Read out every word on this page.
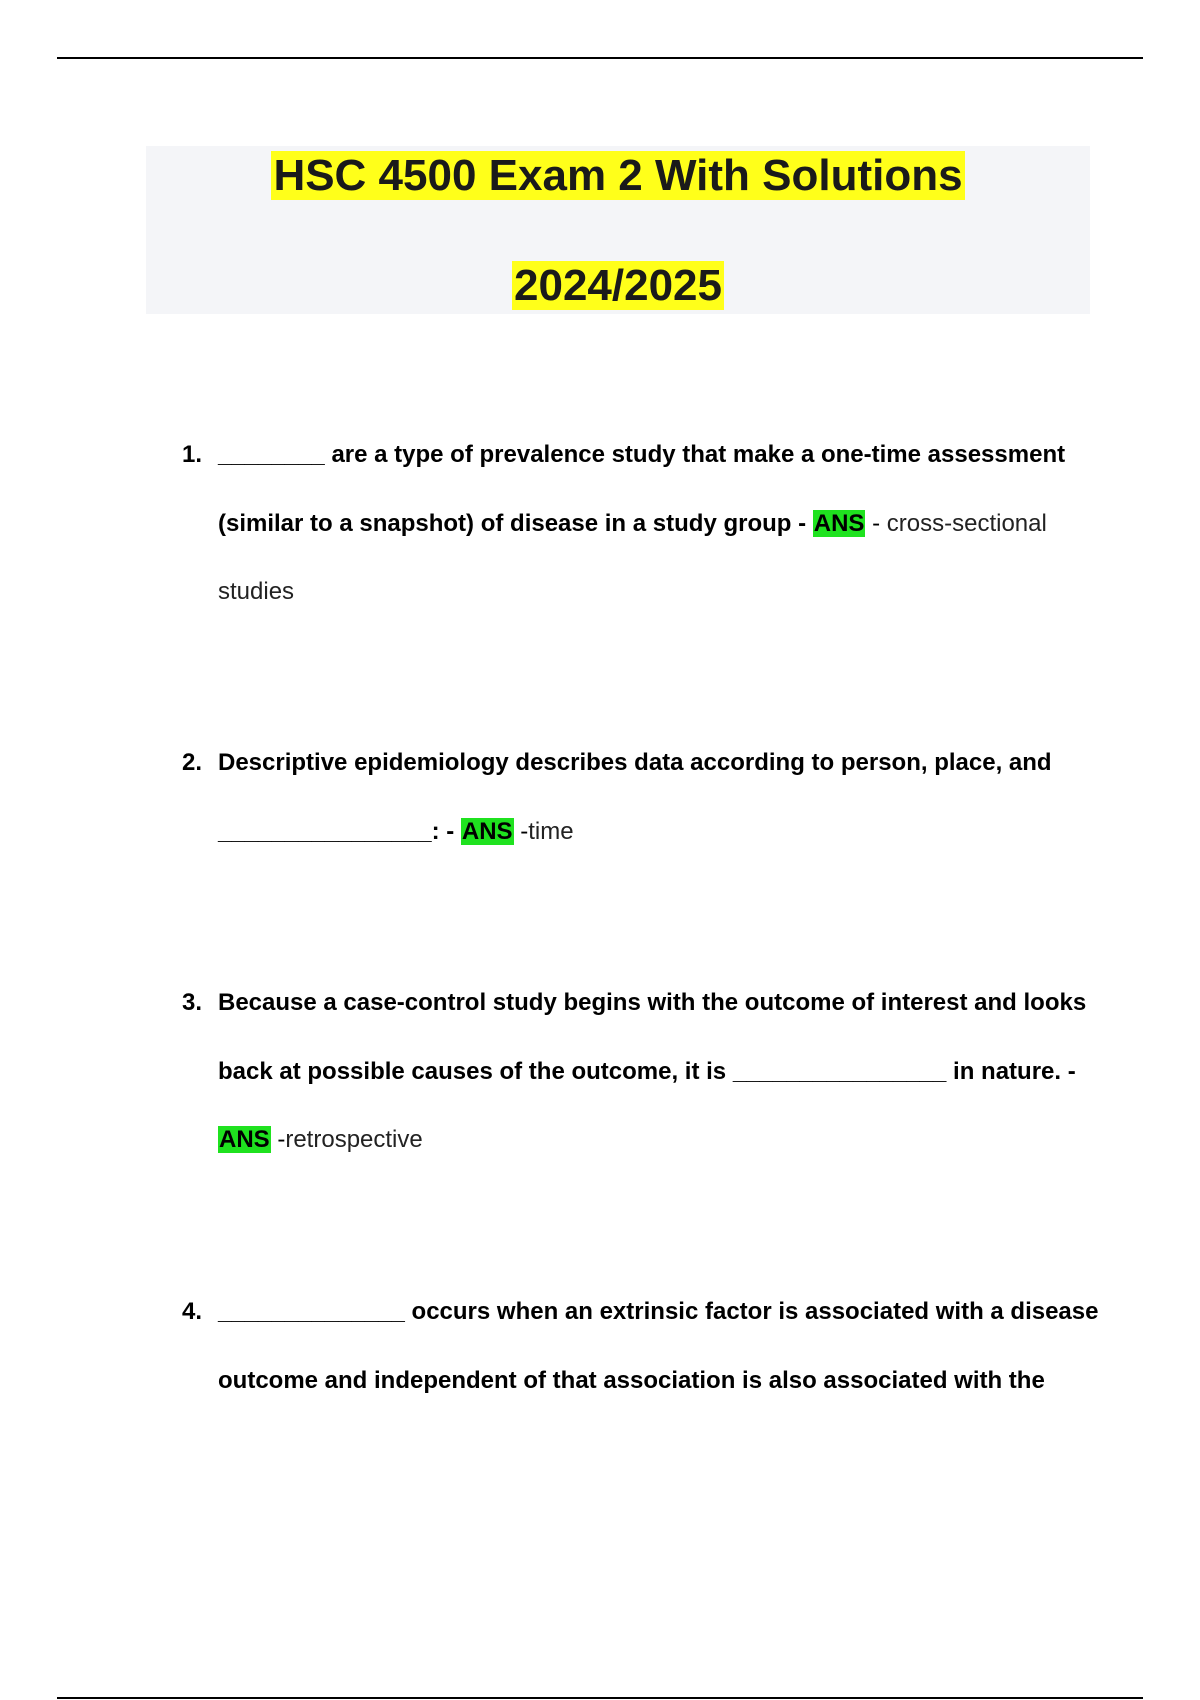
HSC 4500 Exam 2 With Solutions
2024/2025
1. ________ are a type of prevalence study that make a one-time assessment (similar to a snapshot) of disease in a study group - ANS - cross-sectional studies
2. Descriptive epidemiology describes data according to person, place, and ________________: - ANS -time
3. Because a case-control study begins with the outcome of interest and looks back at possible causes of the outcome, it is ________________ in nature. - ANS -retrospective
4. ______________ occurs when an extrinsic factor is associated with a disease outcome and independent of that association is also associated with the
